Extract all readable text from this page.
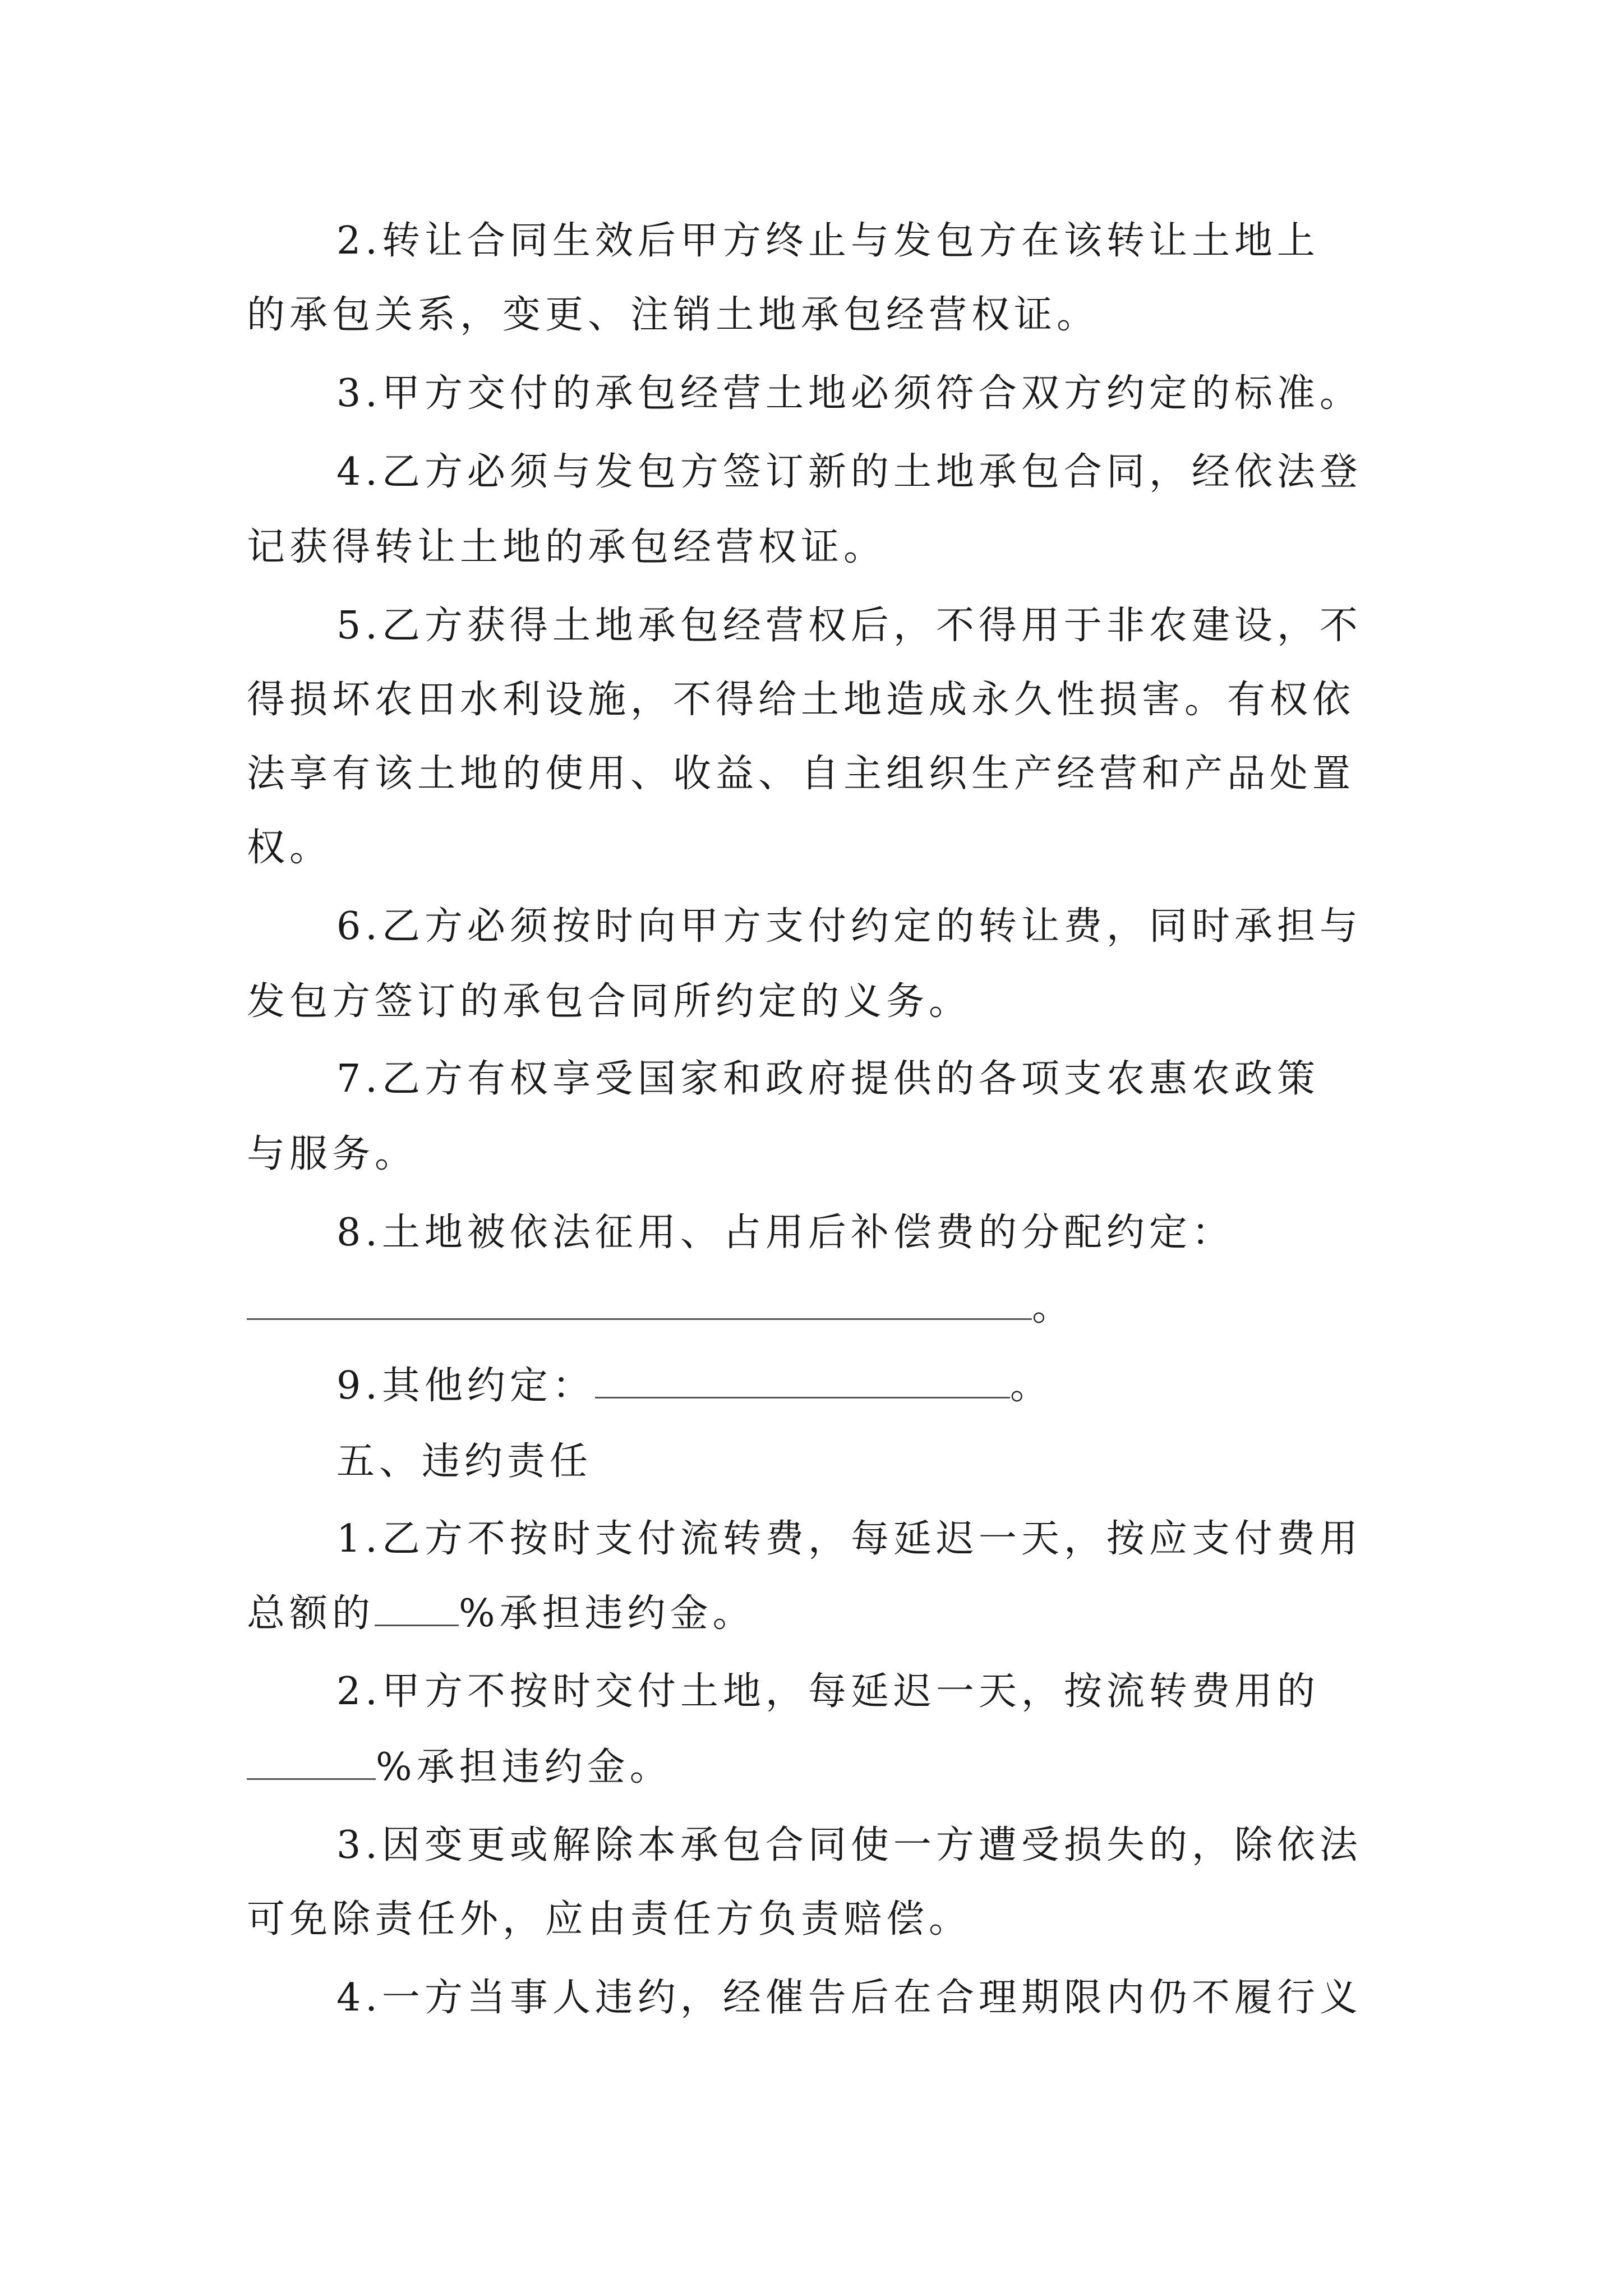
2.转让合同生效后甲方终止与发包方在该转让土地上
的承包关系，变更、注销土地承包经营权证。
3.甲方交付的承包经营土地必须符合双方约定的标准。
4.乙方必须与发包方签订新的土地承包合同，经依法登
记获得转让土地的承包经营权证。
5.乙方获得土地承包经营权后，不得用于非农建设，不
得损坏农田水利设施，不得给土地造成永久性损害。有权依
法享有该土地的使用、收益、自主组织生产经营和产品处置
权。
6.乙方必须按时向甲方支付约定的转让费，同时承担与
发包方签订的承包合同所约定的义务。
7.乙方有权享受国家和政府提供的各项支农惠农政策
与服务。
8.土地被依法征用、占用后补偿费的分配约定：
。
9.其他约定：	。
五、违约责任
1.乙方不按时支付流转费，每延迟一天，按应支付费用
总额的 %承担违约金。
2.甲方不按时交付土地，每延迟一天，按流转费用的
%承担违约金。
3.因变更或解除本承包合同使一方遭受损失的，除依法
可免除责任外，应由责任方负责赔偿。
4.一方当事人违约，经催告后在合理期限内仍不履行义
